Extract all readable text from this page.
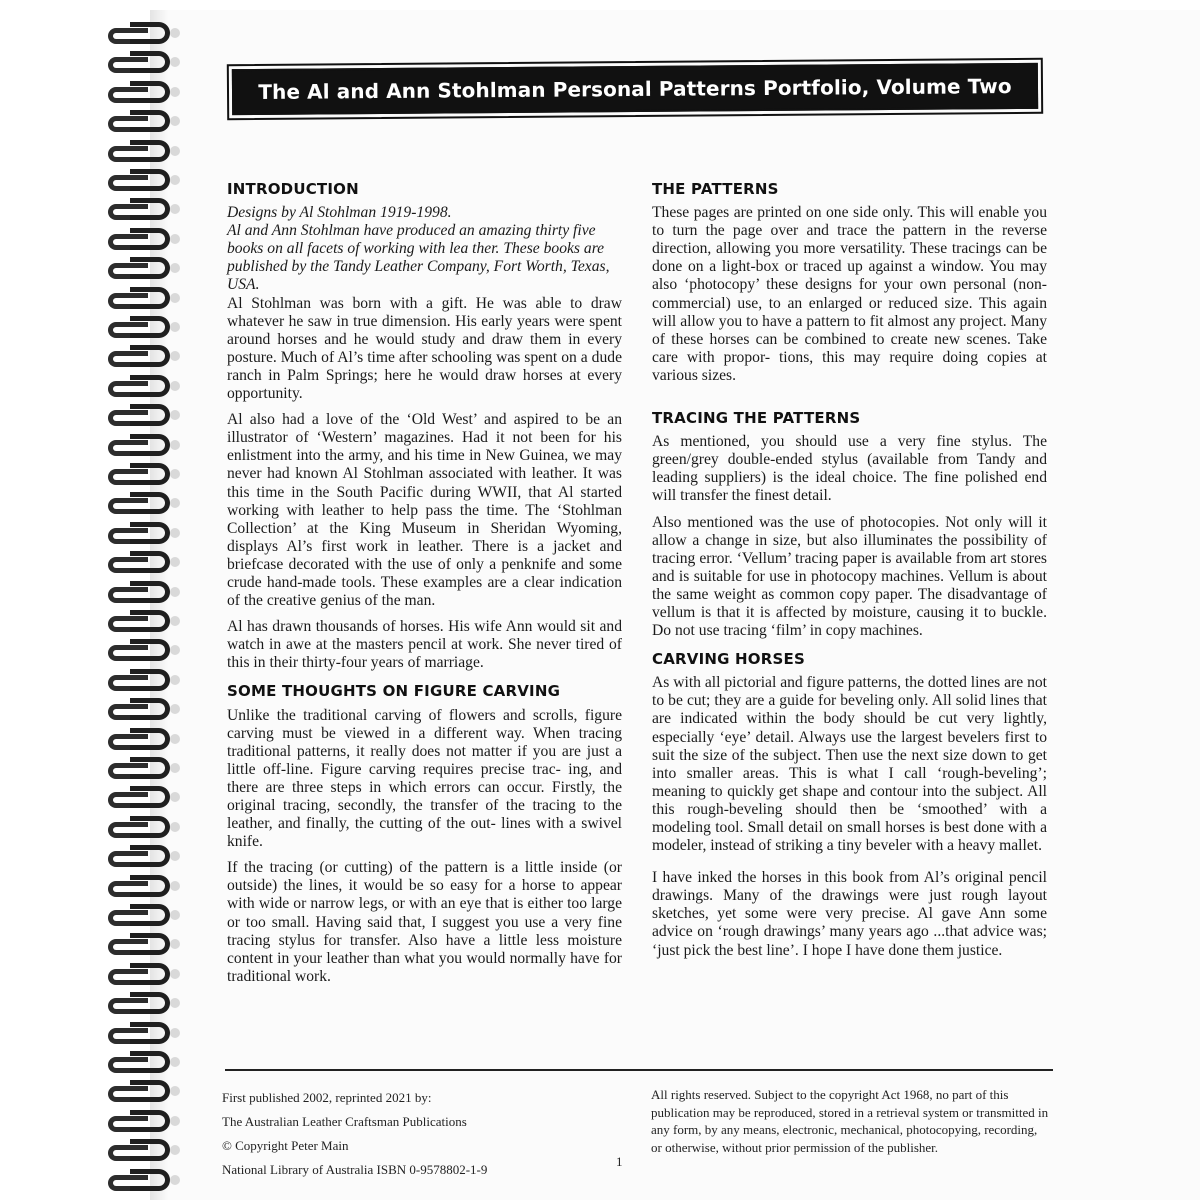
The Al and Ann Stohlman Personal Patterns Portfolio, Volume Two
INTRODUCTION

Designs by Al Stohlman 1919-1998.

Al and Ann Stohlman have produced an amazing thirty five books on all facets of working with lea ther. These books are published by the Tandy Leather Company, Fort Worth, Texas, USA.

Al Stohlman was born with a gift. He was able to draw whatever he saw in true dimension. His early years were spent around horses and he would study and draw them in every posture. Much of Al’s time after schooling was spent on a dude ranch in Palm Springs; here he would draw horses at every opportunity.

Al also had a love of the ‘Old West’ and aspired to be an illustrator of ‘Western’ magazines. Had it not been for his enlistment into the army, and his time in New Guinea, we may never had known Al Stohlman associated with leather. It was this time in the South Pacific during WWII, that Al started working with leather to help pass the time. The ‘Stohlman Collection’ at the King Museum in Sheridan Wyoming, displays Al’s first work in leather. There is a jacket and briefcase decorated with the use of only a penknife and some crude hand-made tools. These examples are a clear indication of the creative genius of the man.

Al has drawn thousands of horses. His wife Ann would sit and watch in awe at the masters pencil at work. She never tired of this in their thirty-four years of marriage.

SOME THOUGHTS ON FIGURE CARVING

Unlike the traditional carving of flowers and scrolls, figure carving must be viewed in a different way. When tracing traditional patterns, it really does not matter if you are just a little off-line. Figure carving requires precise trac- ing, and there are three steps in which errors can occur. Firstly, the original tracing, secondly, the transfer of the tracing to the leather, and finally, the cutting of the out- lines with a swivel knife.

If the tracing (or cutting) of the pattern is a little inside (or outside) the lines, it would be so easy for a horse to appear with wide or narrow legs, or with an eye that is either too large or too small. Having said that, I suggest you use a very fine tracing stylus for transfer. Also have a little less moisture content in your leather than what you would normally have for traditional work.

THE PATTERNS

These pages are printed on one side only. This will enable you to turn the page over and trace the pattern in the reverse direction, allowing you more versatility. These tracings can be done on a light-box or traced up against a window. You may also ‘photocopy’ these designs for your own personal (non-commercial) use, to an enlarged or reduced size. This again will allow you to have a pattern to fit almost any project. Many of these horses can be combined to create new scenes. Take care with propor- tions, this may require doing copies at various sizes.

TRACING THE PATTERNS

As mentioned, you should use a very fine stylus. The green/grey double-ended stylus (available from Tandy and leading suppliers) is the ideal choice. The fine polished end will transfer the finest detail.

Also mentioned was the use of photocopies. Not only will it allow a change in size, but also illuminates the possibility of tracing error. ‘Vellum’ tracing paper is available from art stores and is suitable for use in photocopy machines. Vellum is about the same weight as common copy paper. The disadvantage of vellum is that it is affected by moisture, causing it to buckle. Do not use tracing ‘film’ in copy machines.

CARVING HORSES

As with all pictorial and figure patterns, the dotted lines are not to be cut; they are a guide for beveling only. All solid lines that are indicated within the body should be cut very lightly, especially ‘eye’ detail. Always use the largest bevelers first to suit the size of the subject. Then use the next size down to get into smaller areas. This is what I call ‘rough-beveling’; meaning to quickly get shape and contour into the subject. All this rough-beveling should then be ‘smoothed’ with a modeling tool. Small detail on small horses is best done with a modeler, instead of striking a tiny beveler with a heavy mallet.

I have inked the horses in this book from Al’s original pencil drawings. Many of the drawings were just rough layout sketches, yet some were very precise. Al gave Ann some advice on ‘rough drawings’ many years ago ...that advice was; ‘just pick the best line’. I hope I have done them justice.

First published 2002, reprinted 2021 by:
The Australian Leather Craftsman Publications
© Copyright Peter Main
National Library of Australia ISBN 0-9578802-1-9
All rights reserved. Subject to the copyright Act 1968, no part of this publication may be reproduced, stored in a retrieval system or transmitted in any form, by any means, electronic, mechanical, photocopying, recording, or otherwise, without prior permission of the publisher.
1
